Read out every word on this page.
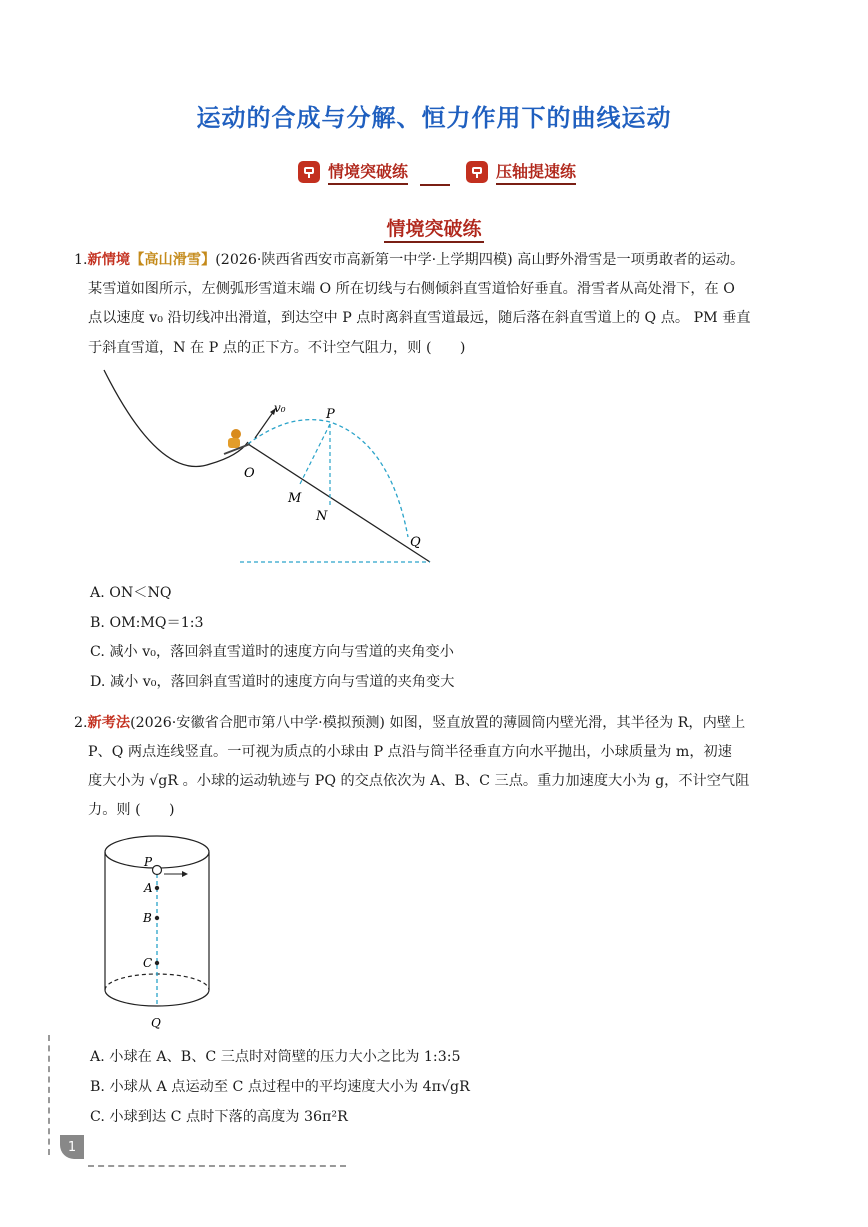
运动的合成与分解、恒力作用下的曲线运动
情境突破练	压轴提速练
情境突破练
1.新情境【高山滑雪】(2026·陕西省西安市高新第一中学·上学期四模) 高山野外滑雪是一项勇敢者的运动。
某雪道如图所示，左侧弧形雪道末端 O 所在切线与右侧倾斜直雪道恰好垂直。滑雪者从高处滑下，在 O
点以速度 v₀ 沿切线冲出滑道，到达空中 P 点时离斜直雪道最远，随后落在斜直雪道上的 Q 点。 PM 垂直
于斜直雪道，N 在 P 点的正下方。不计空气阻力，则 (　　)
v₀	P
O
M
N
Q
A. ON＜NQ
B. OM:MQ＝1:3
C. 减小 v₀，落回斜直雪道时的速度方向与雪道的夹角变小
D. 减小 v₀，落回斜直雪道时的速度方向与雪道的夹角变大
2.新考法(2026·安徽省合肥市第八中学·模拟预测) 如图，竖直放置的薄圆筒内壁光滑，其半径为 R，内壁上
P、Q 两点连线竖直。一可视为质点的小球由 P 点沿与筒半径垂直方向水平抛出，小球质量为 m，初速
度大小为 √gR 。小球的运动轨迹与 PQ 的交点依次为 A、B、C 三点。重力加速度大小为 g，不计空气阻
力。则 (　　)
P
A
B
C
Q
A. 小球在 A、B、C 三点时对筒壁的压力大小之比为 1:3:5
B. 小球从 A 点运动至 C 点过程中的平均速度大小为 4π√gR
C. 小球到达 C 点时下落的高度为 36π²R
1
